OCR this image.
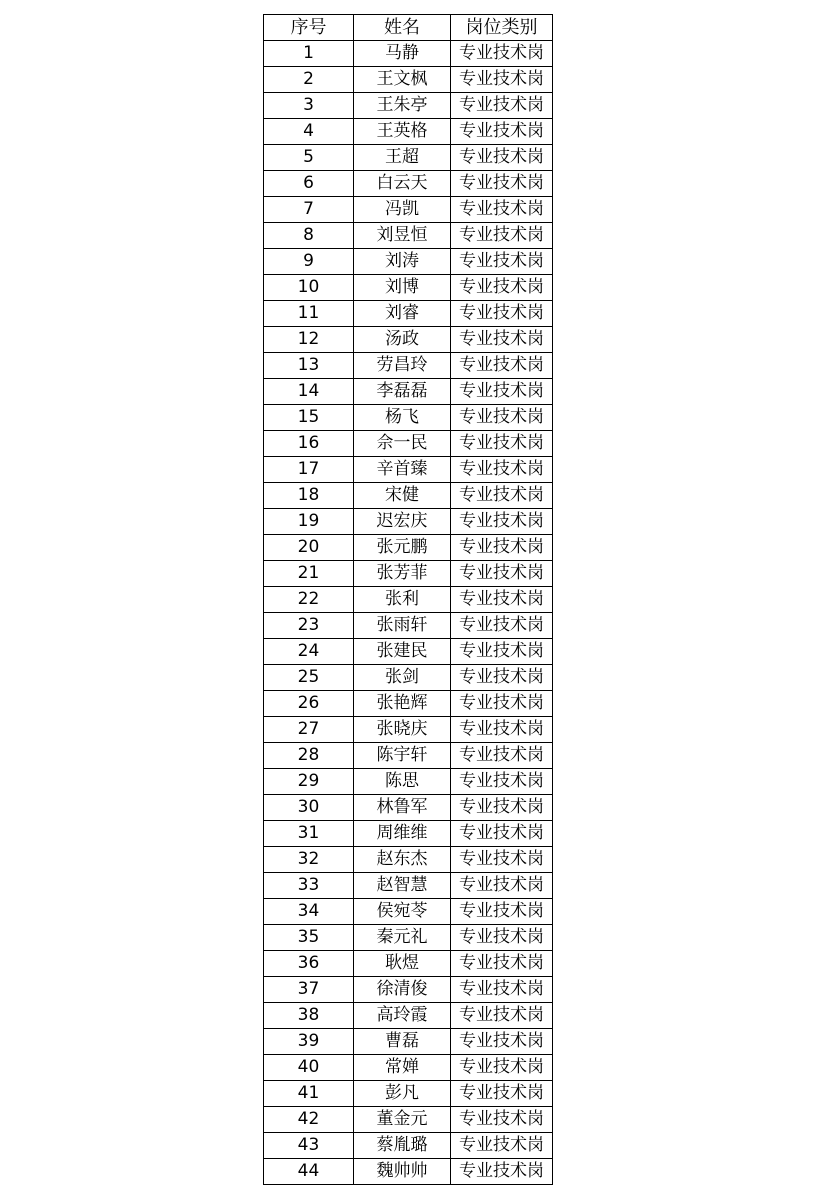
序号	姓名	岗位类别
1	马静	专业技术岗
2	王文枫	专业技术岗
3	王朱亭	专业技术岗
4	王英格	专业技术岗
5	王超	专业技术岗
6	白云天	专业技术岗
7	冯凯	专业技术岗
8	刘昱恒	专业技术岗
9	刘涛	专业技术岗
10	刘博	专业技术岗
11	刘睿	专业技术岗
12	汤政	专业技术岗
13	劳昌玲	专业技术岗
14	李磊磊	专业技术岗
15	杨飞	专业技术岗
16	佘一民	专业技术岗
17	辛首臻	专业技术岗
18	宋健	专业技术岗
19	迟宏庆	专业技术岗
20	张元鹏	专业技术岗
21	张芳菲	专业技术岗
22	张利	专业技术岗
23	张雨轩	专业技术岗
24	张建民	专业技术岗
25	张剑	专业技术岗
26	张艳辉	专业技术岗
27	张晓庆	专业技术岗
28	陈宇轩	专业技术岗
29	陈思	专业技术岗
30	林鲁军	专业技术岗
31	周维维	专业技术岗
32	赵东杰	专业技术岗
33	赵智慧	专业技术岗
34	侯宛苓	专业技术岗
35	秦元礼	专业技术岗
36	耿煜	专业技术岗
37	徐清俊	专业技术岗
38	高玲霞	专业技术岗
39	曹磊	专业技术岗
40	常婵	专业技术岗
41	彭凡	专业技术岗
42	董金元	专业技术岗
43	蔡胤璐	专业技术岗
44	魏帅帅	专业技术岗
